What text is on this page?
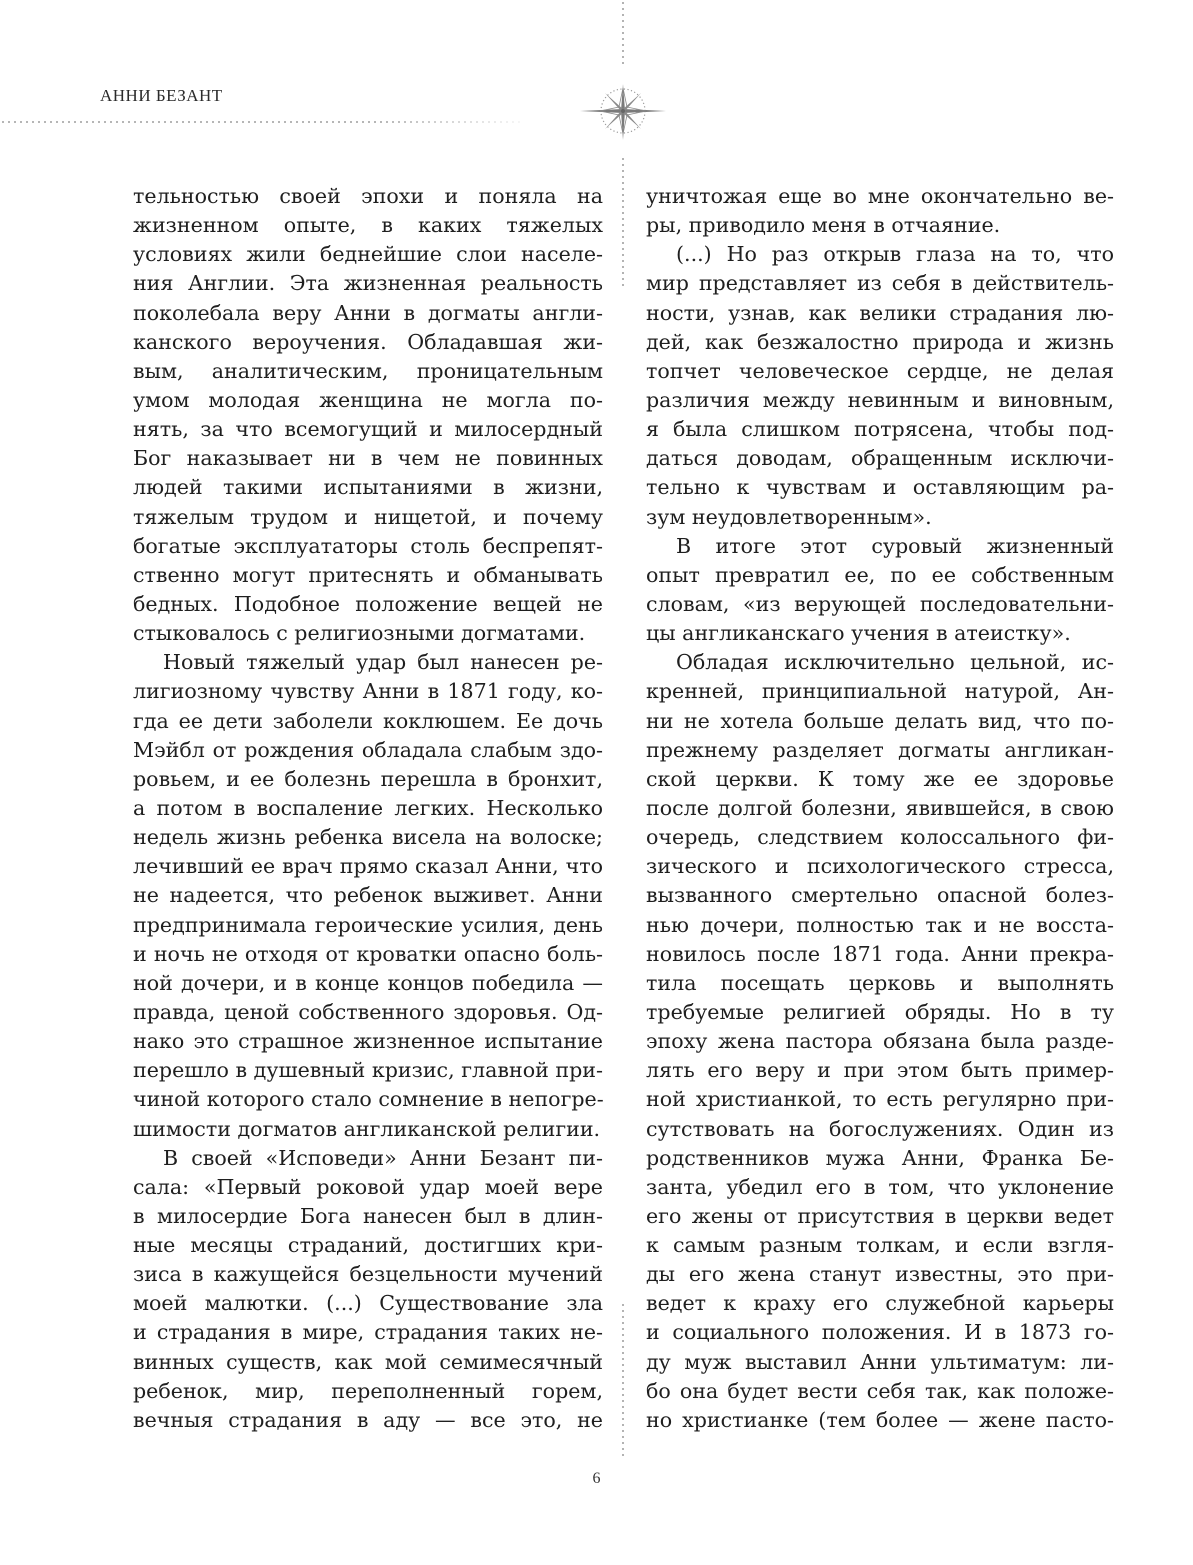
АННИ БЕЗАНТ
тельностью своей эпохи и поняла на
жизненном опыте, в каких тяжелых
условиях жили беднейшие слои населе-
ния Англии. Эта жизненная реальность
поколебала веру Анни в догматы англи-
канского вероучения. Обладавшая жи-
вым, аналитическим, проницательным
умом молодая женщина не могла по-
нять, за что всемогущий и милосердный
Бог наказывает ни в чем не повинных
людей такими испытаниями в жизни,
тяжелым трудом и нищетой, и почему
богатые эксплуататоры столь беспрепят-
ственно могут притеснять и обманывать
бедных. Подобное положение вещей не
стыковалось с религиозными догматами.
Новый тяжелый удар был нанесен ре-
лигиозному чувству Анни в 1871 году, ко-
гда ее дети заболели коклюшем. Ее дочь
Мэйбл от рождения обладала слабым здо-
ровьем, и ее болезнь перешла в бронхит,
а потом в воспаление легких. Несколько
недель жизнь ребенка висела на волоске;
лечивший ее врач прямо сказал Анни, что
не надеется, что ребенок выживет. Анни
предпринимала героические усилия, день
и ночь не отходя от кроватки опасно боль-
ной дочери, и в конце концов победила —
правда, ценой собственного здоровья. Од-
нако это страшное жизненное испытание
перешло в душевный кризис, главной при-
чиной которого стало сомнение в непогре-
шимости догматов англиканской религии.
В своей «Исповеди» Анни Безант пи-
сала: «Первый роковой удар моей вере
в милосердие Бога нанесен был в длин-
ные месяцы страданий, достигших кри-
зиса в кажущейся безцельности мучений
моей малютки. (...) Существование зла
и страдания в мире, страдания таких не-
винных существ, как мой семимесячный
ребенок, мир, переполненный горем,
вечныя страдания в аду — все это, не
уничтожая еще во мне окончательно ве-
ры, приводило меня в отчаяние.
(...) Но раз открыв глаза на то, что
мир представляет из себя в действитель-
ности, узнав, как велики страдания лю-
дей, как безжалостно природа и жизнь
топчет человеческое сердце, не делая
различия между невинным и виновным,
я была слишком потрясена, чтобы под-
даться доводам, обращенным исключи-
тельно к чувствам и оставляющим ра-
зум неудовлетворенным».
В итоге этот суровый жизненный
опыт превратил ее, по ее собственным
словам, «из верующей последовательни-
цы англиканскаго учения в атеистку».
Обладая исключительно цельной, ис-
кренней, принципиальной натурой, Ан-
ни не хотела больше делать вид, что по-
прежнему разделяет догматы англикан-
ской церкви. К тому же ее здоровье
после долгой болезни, явившейся, в свою
очередь, следствием колоссального фи-
зического и психологического стресса,
вызванного смертельно опасной болез-
нью дочери, полностью так и не восста-
новилось после 1871 года. Анни прекра-
тила посещать церковь и выполнять
требуемые религией обряды. Но в ту
эпоху жена пастора обязана была разде-
лять его веру и при этом быть пример-
ной христианкой, то есть регулярно при-
сутствовать на богослужениях. Один из
родственников мужа Анни, Франка Бе-
занта, убедил его в том, что уклонение
его жены от присутствия в церкви ведет
к самым разным толкам, и если взгля-
ды его жена станут известны, это при-
ведет к краху его служебной карьеры
и социального положения. И в 1873 го-
ду муж выставил Анни ультиматум: ли-
бо она будет вести себя так, как положе-
но христианке (тем более — жене пасто-
6
